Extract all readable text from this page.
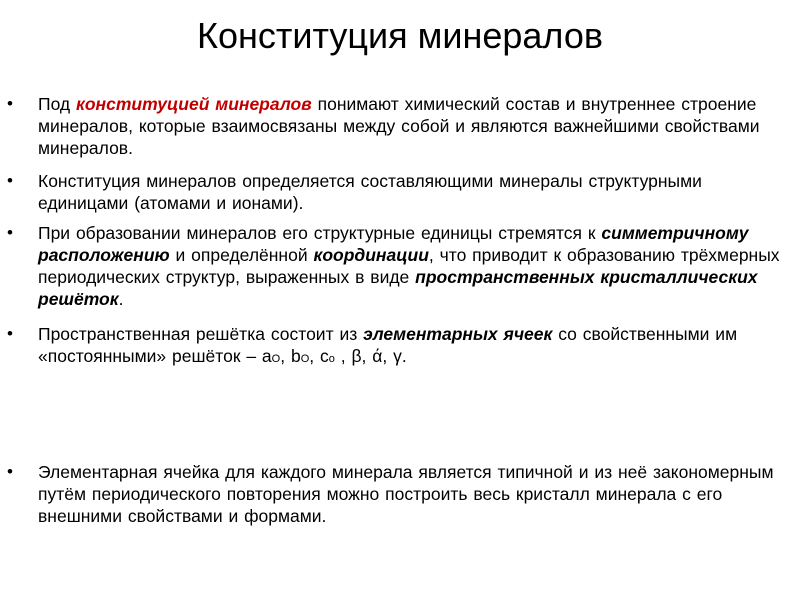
Конституция минералов
• Под конституцией минералов понимают химический состав и внутреннее строение минералов, которые взаимосвязаны между собой и являются важнейшими свойствами минералов.
• Конституция минералов определяется составляющими минералы структурными единицами (атомами и ионами).
• При образовании минералов его структурные единицы стремятся к симметричному расположению и определённой координации, что приводит к образованию трёхмерных периодических структур, выраженных в виде пространственных кристаллических решёток.
• Пространственная решётка состоит из элементарных ячеек со свойственными им «постоянными» решёток – aO, bO, co , β, ά, γ.
• Элементарная ячейка для каждого минерала является типичной и из неё закономерным путём периодического повторения можно построить весь кристалл минерала с его внешними свойствами и формами.
